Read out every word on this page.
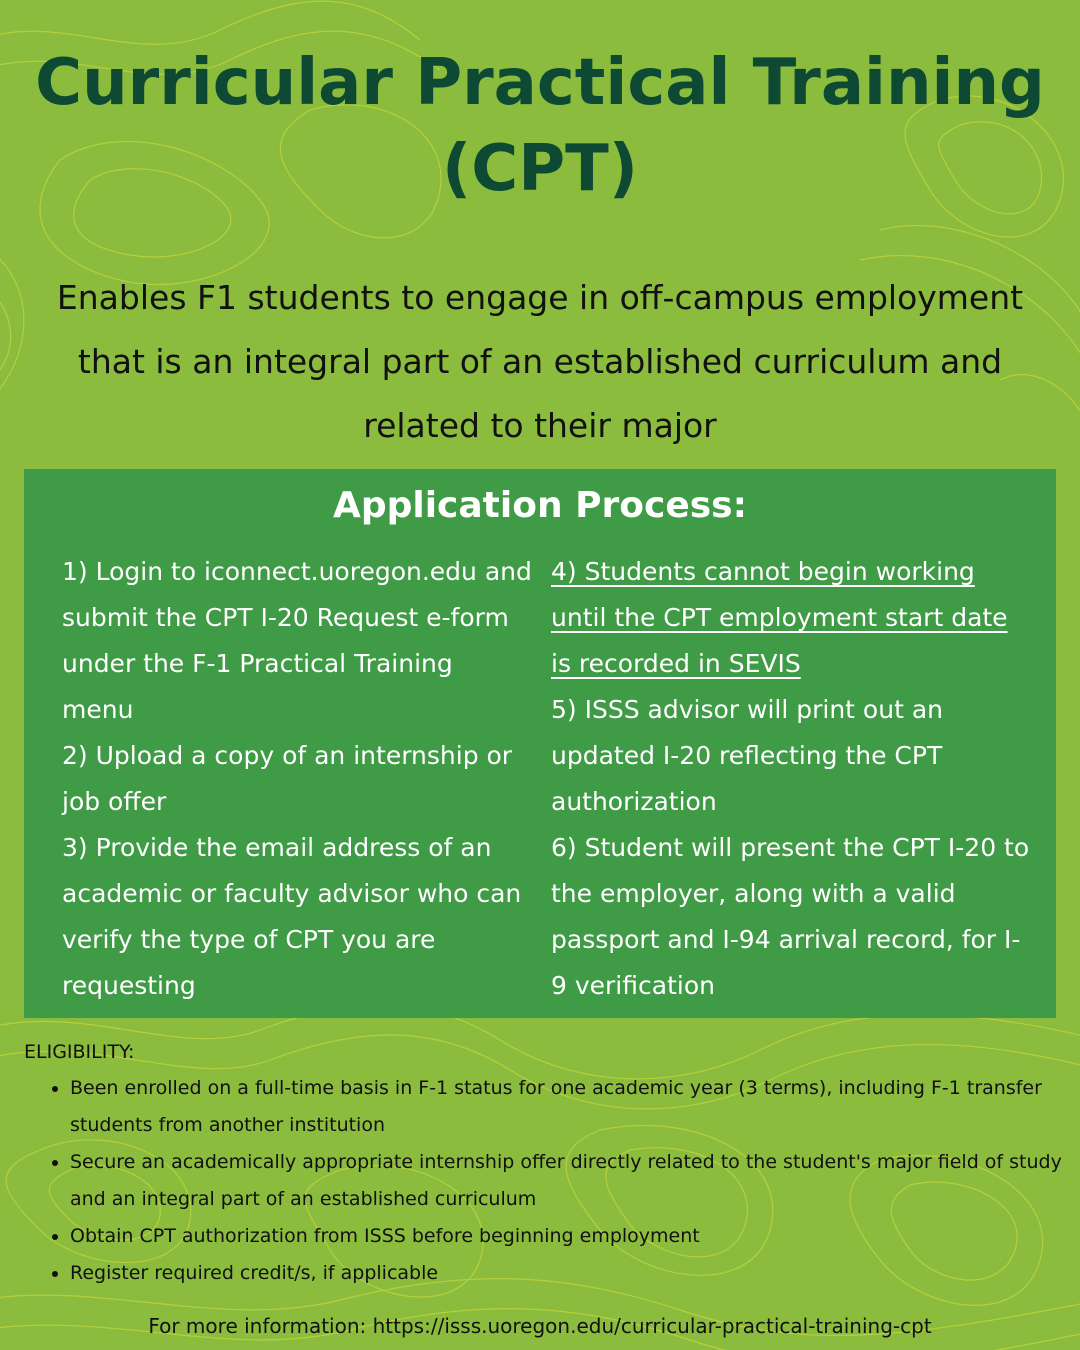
Curricular Practical Training
(CPT)

Enables F1 students to engage in off-campus employment
that is an integral part of an established curriculum and
related to their major

Application Process:
1) Login to iconnect.uoregon.edu and submit the CPT I-20 Request e-form under the F-1 Practical Training menu
2) Upload a copy of an internship or job offer
3) Provide the email address of an academic or faculty advisor who can verify the type of CPT you are requesting
4) Students cannot begin working until the CPT employment start date is recorded in SEVIS
5) ISSS advisor will print out an updated I-20 reflecting the CPT authorization
6) Student will present the CPT I-20 to the employer, along with a valid passport and I-94 arrival record, for I-9 verification
ELIGIBILITY:
• Been enrolled on a full-time basis in F-1 status for one academic year (3 terms), including F-1 transfer students from another institution
• Secure an academically appropriate internship offer directly related to the student's major field of study and an integral part of an established curriculum
• Obtain CPT authorization from ISSS before beginning employment
• Register required credit/s, if applicable
For more information: https://isss.uoregon.edu/curricular-practical-training-cpt
